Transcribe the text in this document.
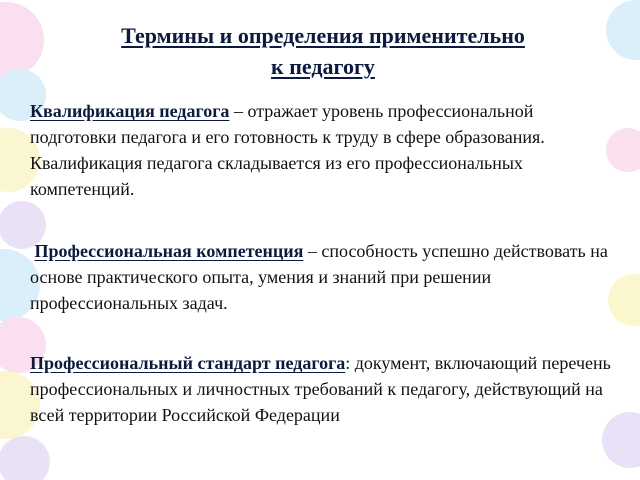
Термины и определения применительно
к педагогу
Квалификация педагога – отражает уровень профессиональной подготовки педагога и его готовность к труду в сфере образования. Квалификация педагога складывается из его профессиональных компетенций.
Профессиональная компетенция – способность успешно действовать на основе практического опыта, умения и знаний при решении профессиональных задач.
Профессиональный стандарт педагога: документ, включающий перечень профессиональных и личностных требований к педагогу, действующий на всей территории Российской Федерации
